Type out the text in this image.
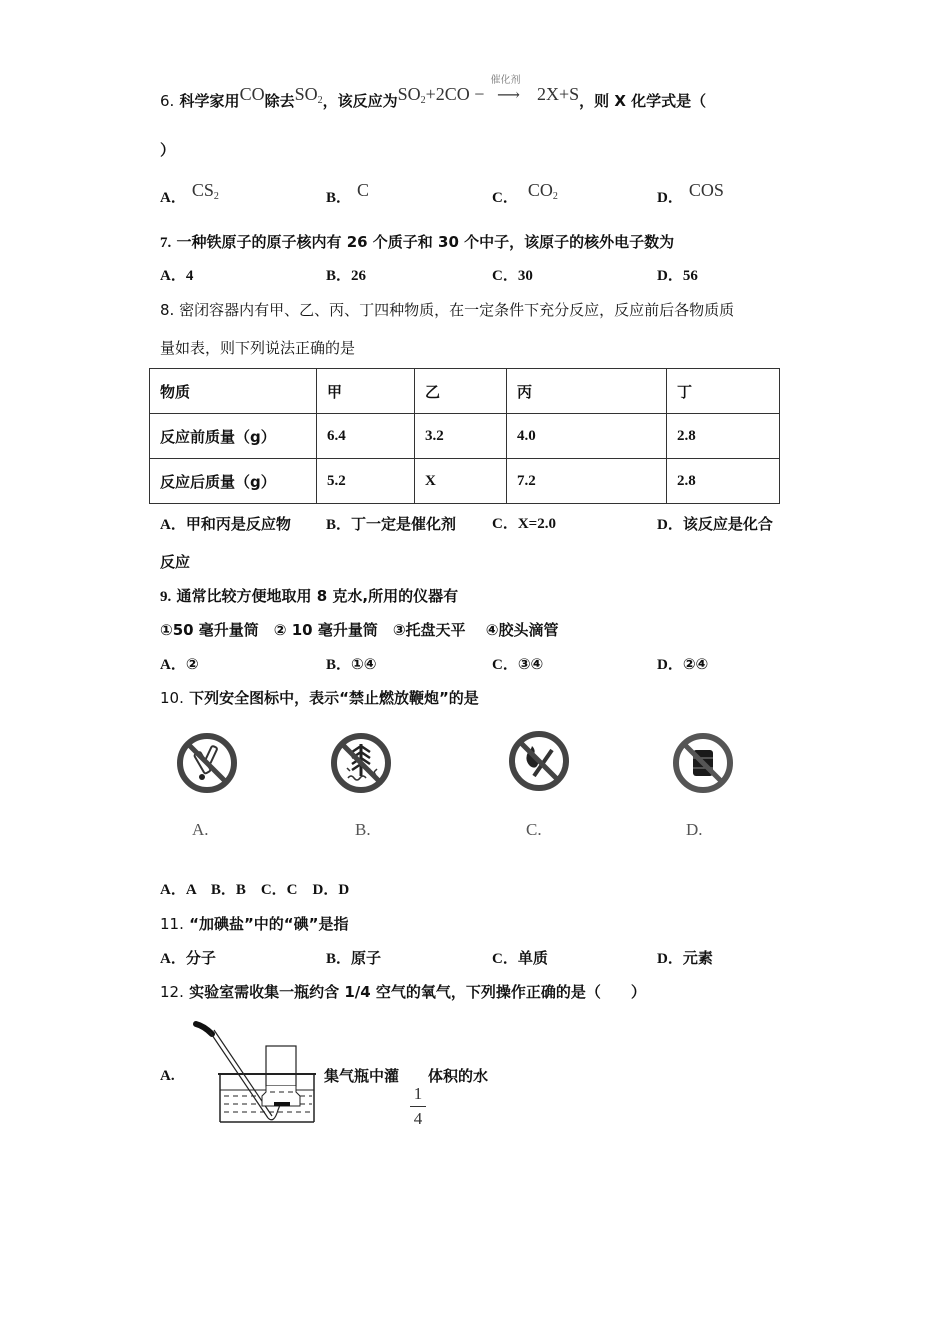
6. 科学家用CO除去$SO_2$，该反应为$SO_2+2CO$ −
催化剂
⟶ 2X+S，则 X 化学式是（
）
A． $CS_2$	B． C	C． $CO_2$	D． COS
7. 一种铁原子的原子核内有 26 个质子和 30 个中子，该原子的核外电子数为
A．4	B．26	C．30	D．56
8. 密闭容器内有甲、乙、丙、丁四种物质，在一定条件下充分反应，反应前后各物质质
量如表，则下列说法正确的是
物质	甲	乙	丙	丁
反应前质量（g）	6.4	3.2	4.0	2.8
反应后质量（g）	5.2	X	7.2	2.8
A．甲和丙是反应物 B．丁一定是催化剂 C．X=2.0	D．该反应是化合
反应
9. 通常比较方便地取用 8 克水,所用的仪器有
①50 毫升量筒　② 10 毫升量筒　③托盘天平　 ④胶头滴管
A．②	B．①④	C．③④	D．②④
10. 下列安全图标中，表示“禁止燃放鞭炮”的是
A.	B.	C.	D.
A．A　B．B　C．C　D．D
11. “加碘盐”中的“碘”是指
A．分子	B．原子	C．单质	D．元素
12. 实验室需收集一瓶约含 1/4 空气的氧气，下列操作正确的是（　　）
A.	集气瓶中灌
1
4
体积的水
